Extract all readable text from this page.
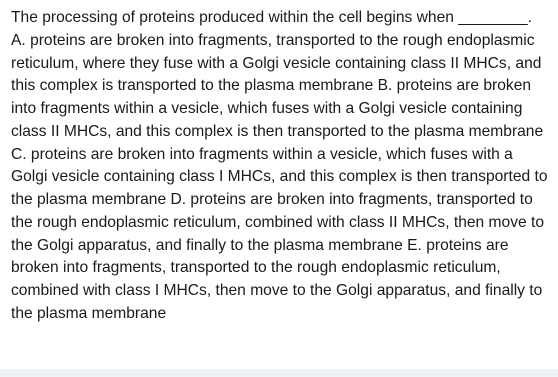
The processing of proteins produced within the cell begins when ________. A. proteins are broken into fragments, transported to the rough endoplasmic reticulum, where they fuse with a Golgi vesicle containing class II MHCs, and this complex is transported to the plasma membrane B. proteins are broken into fragments within a vesicle, which fuses with a Golgi vesicle containing class II MHCs, and this complex is then transported to the plasma membrane C. proteins are broken into fragments within a vesicle, which fuses with a Golgi vesicle containing class I MHCs, and this complex is then transported to the plasma membrane D. proteins are broken into fragments, transported to the rough endoplasmic reticulum, combined with class II MHCs, then move to the Golgi apparatus, and finally to the plasma membrane E. proteins are broken into fragments, transported to the rough endoplasmic reticulum, combined with class I MHCs, then move to the Golgi apparatus, and finally to the plasma membrane
